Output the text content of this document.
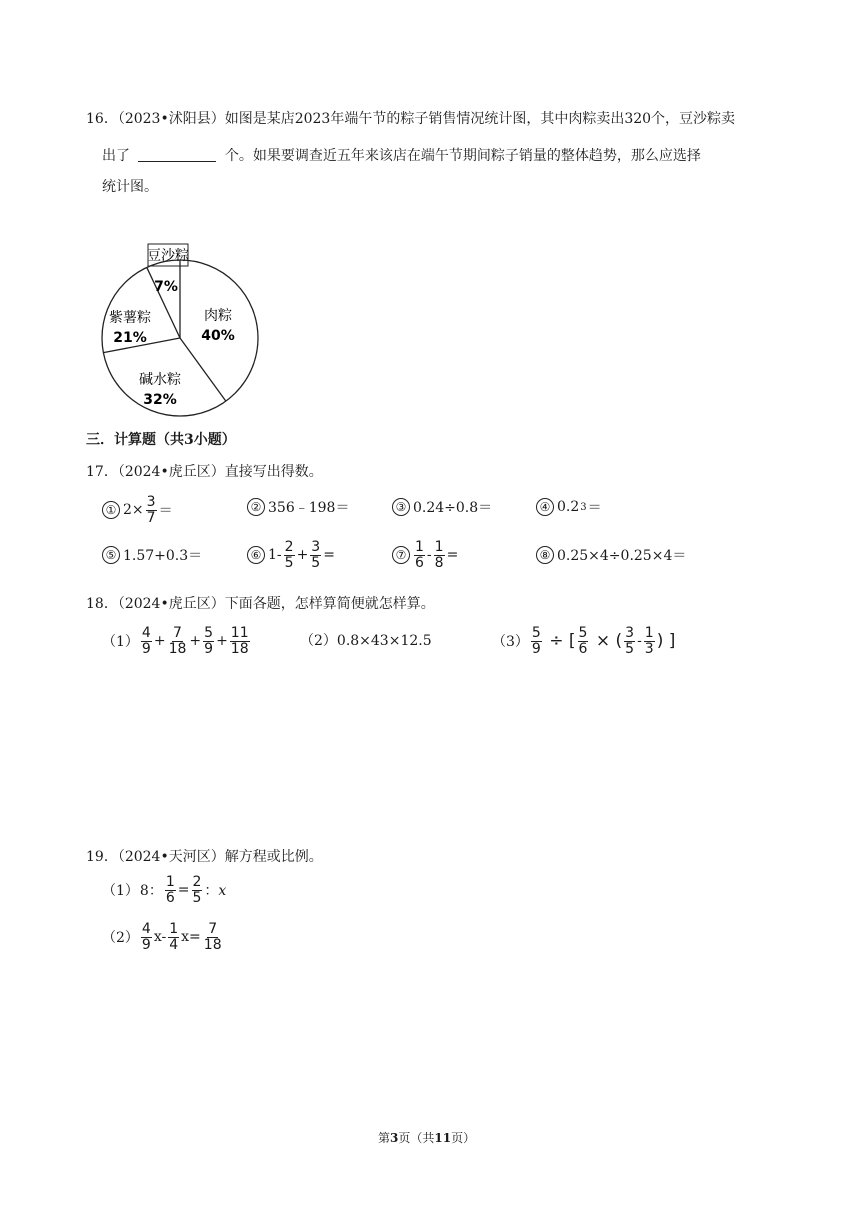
16．（2023•沭阳县）如图是某店2023年端午节的粽子销售情况统计图，其中肉粽卖出320个，豆沙粽卖
出了	个。如果要调查近五年来该店在端午节期间粽子销量的整体趋势，那么应选择
统计图。
肉粽
40%
碱水粽
32%
紫薯粽
21%
豆沙粽
7%
三．计算题（共3小题）
17．（2024•虎丘区）直接写出得数。
① $2\times \frac{3}{7}$ ＝	② 356﹣198＝	③ 0.24÷0.8＝	④ 0.2 3 ＝
⑤ 1.57+0.3＝	⑥ $1- \frac{2}{5} + \frac{3}{5}$ =	⑦ $\frac{1}{6} - \frac{1}{8}$ =	⑧ 0.25×4÷0.25×4＝
18．（2024•虎丘区）下面各题，怎样算简便就怎样算。
$(1) \frac{4}{9} + \frac{7}{18} + \frac{5}{9} + \frac{11}{18}$	（2）0.8×43×12.5	$(3) \frac{5}{9}$ ÷ [ $\frac{5}{6}$ × ( $\frac{3}{5} - \frac{1}{3}$ ) ]
19．（2024•天河区）解方程或比例。
（1） 8： $\frac{1}{6} = \frac{2}{5}$ ：x
$(2) \frac{4}{9} x- \frac{1}{4} x= \frac{7}{18}$
第3页（共11页）
